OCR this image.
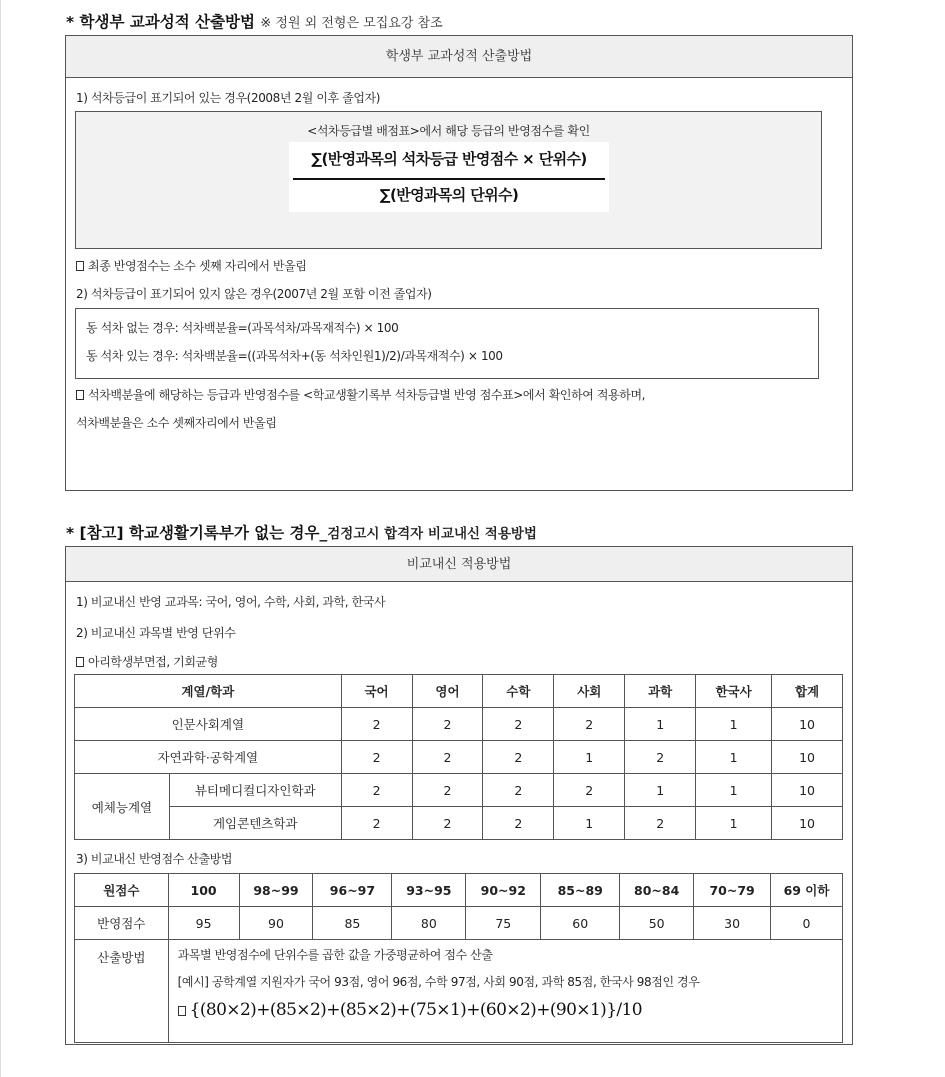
* 학생부 교과성적 산출방법 ※ 정원 외 전형은 모집요강 참조
학생부 교과성적 산출방법
1) 석차등급이 표기되어 있는 경우(2008년 2월 이후 졸업자)
<석차등급별 배점표>에서 해당 등급의 반영점수를 확인
∑(반영과목의 석차등급 반영점수 × 단위수)
∑(반영과목의 단위수)
최종 반영점수는 소수 셋째 자리에서 반올림
2) 석차등급이 표기되어 있지 않은 경우(2007년 2월 포함 이전 졸업자)
동 석차 없는 경우: 석차백분율=(과목석차/과목재적수) × 100
동 석차 있는 경우: 석차백분율=((과목석차+(동 석차인원1)/2)/과목재적수) × 100
석차백분율에 해당하는 등급과 반영점수를 <학교생활기록부 석차등급별 반영 점수표>에서 확인하여 적용하며,
석차백분율은 소수 셋째자리에서 반올림
* [참고] 학교생활기록부가 없는 경우_검정고시 합격자 비교내신 적용방법
비교내신 적용방법
1) 비교내신 반영 교과목: 국어, 영어, 수학, 사회, 과학, 한국사
2) 비교내신 과목별 반영 단위수
아리학생부면접, 기회균형
계열/학과		국어	영어	수학	사회	과학	한국사	합계
인문사회계열		2	2	2	2	1	1	10
자연과학·공학계열		2	2	2	1	2	1	10
예체능계열	뷰티메디컬디자인학과	2	2	2	2	1	1	10
	게임콘텐츠학과	2	2	2	1	2	1	10
3) 비교내신 반영점수 산출방법
원점수	100	98~99	96~97	93~95	90~92	85~89	80~84	70~79	69 이하
반영점수	95	90	85	80	75	60	50	30	0
산출방법	과목별 반영점수에 단위수를 곱한 값을 가중평균하여 점수 산출
[예시] 공학계열 지원자가 국어 93점, 영어 96점, 수학 97점, 사회 90점, 과학 85점, 한국사 98점인 경우
{(80×2)+(85×2)+(85×2)+(75×1)+(60×2)+(90×1)}/10								
